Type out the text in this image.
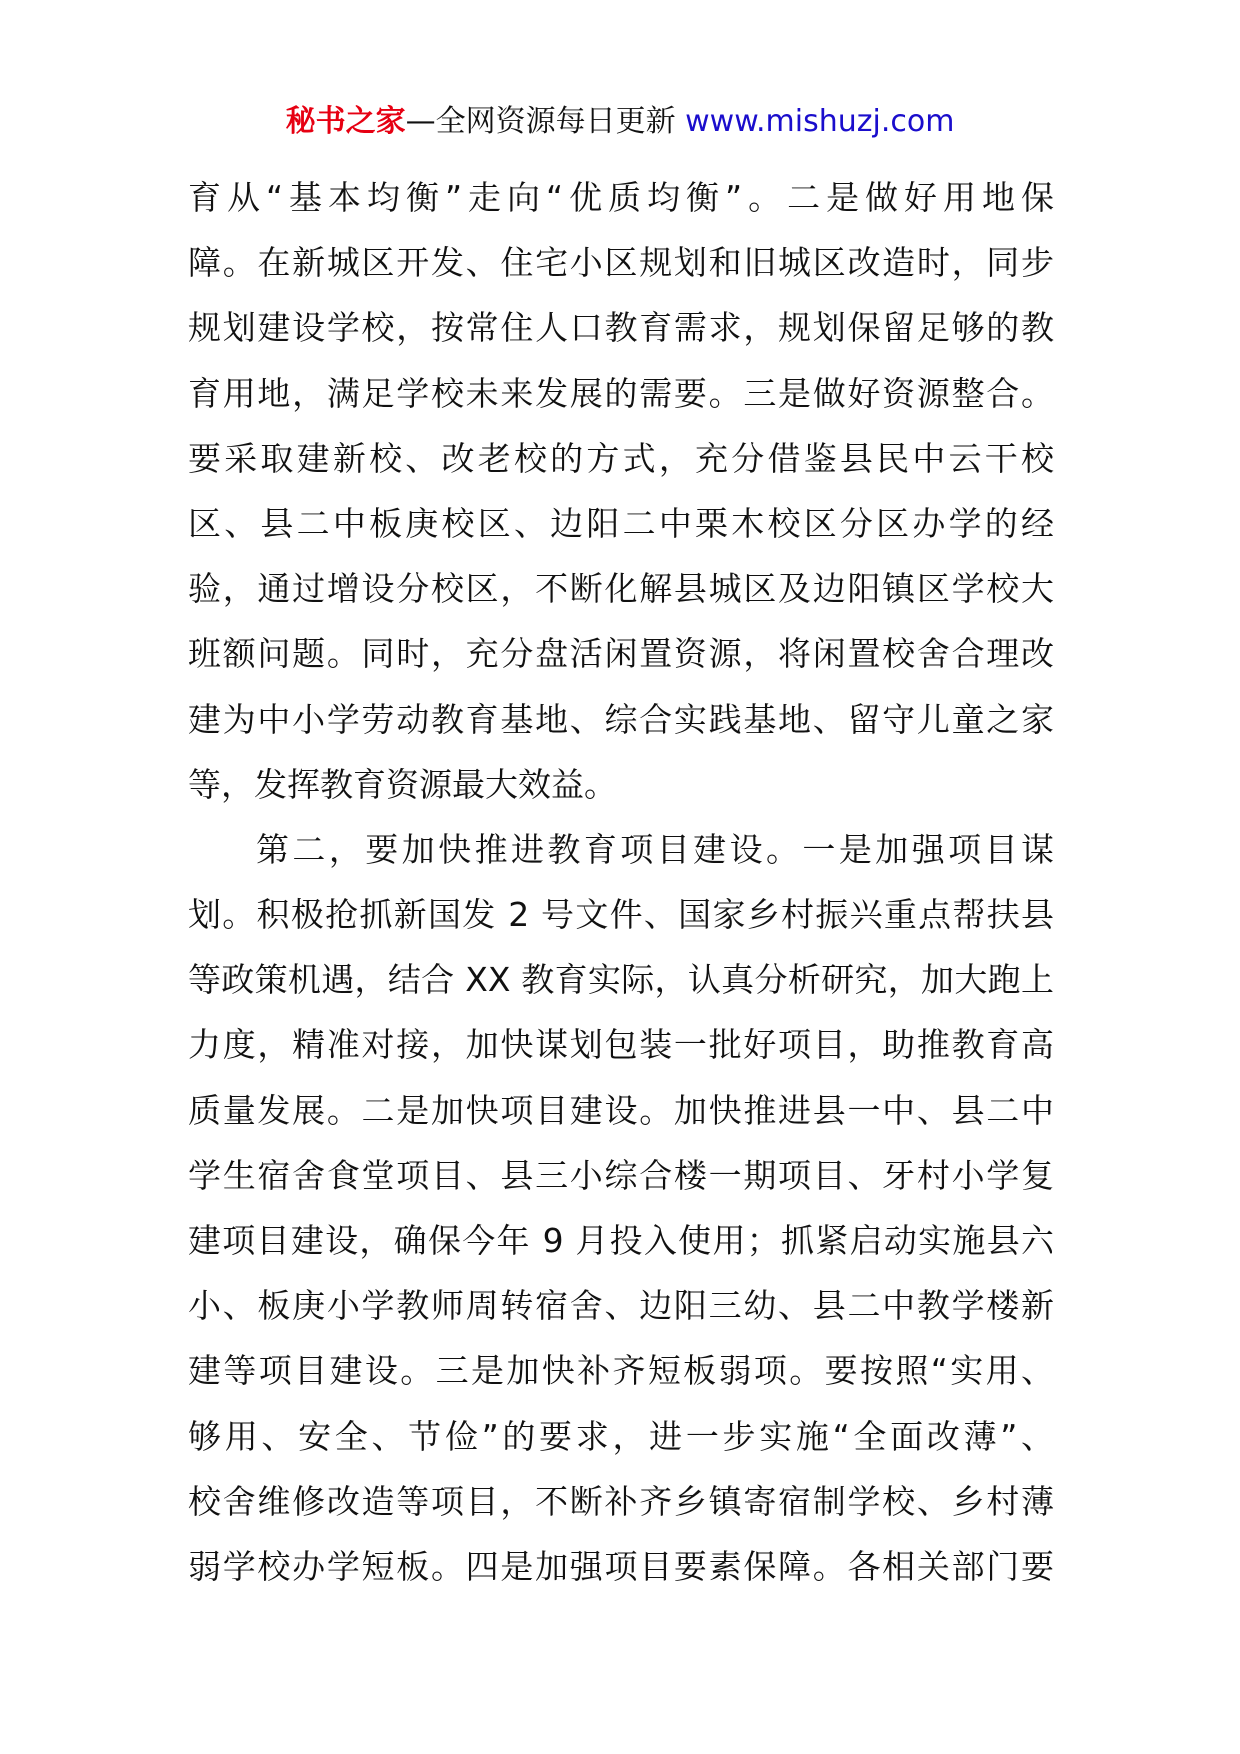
秘书之家—全网资源每日更新 www.mishuzj.com
育从“基本均衡”走向“优质均衡”。二是做好用地保
障。在新城区开发、住宅小区规划和旧城区改造时，同步
规划建设学校，按常住人口教育需求，规划保留足够的教
育用地，满足学校未来发展的需要。三是做好资源整合。
要采取建新校、改老校的方式，充分借鉴县民中云干校
区、县二中板庚校区、边阳二中栗木校区分区办学的经
验，通过增设分校区，不断化解县城区及边阳镇区学校大
班额问题。同时，充分盘活闲置资源，将闲置校舍合理改
建为中小学劳动教育基地、综合实践基地、留守儿童之家
等，发挥教育资源最大效益。
第二，要加快推进教育项目建设。一是加强项目谋
划。积极抢抓新国发 2 号文件、国家乡村振兴重点帮扶县
等政策机遇，结合 XX 教育实际，认真分析研究，加大跑上
力度，精准对接，加快谋划包装一批好项目，助推教育高
质量发展。二是加快项目建设。加快推进县一中、县二中
学生宿舍食堂项目、县三小综合楼一期项目、牙村小学复
建项目建设，确保今年 9 月投入使用；抓紧启动实施县六
小、板庚小学教师周转宿舍、边阳三幼、县二中教学楼新
建等项目建设。三是加快补齐短板弱项。要按照“实用、
够用、安全、节俭”的要求，进一步实施“全面改薄”、
校舍维修改造等项目，不断补齐乡镇寄宿制学校、乡村薄
弱学校办学短板。四是加强项目要素保障。各相关部门要
